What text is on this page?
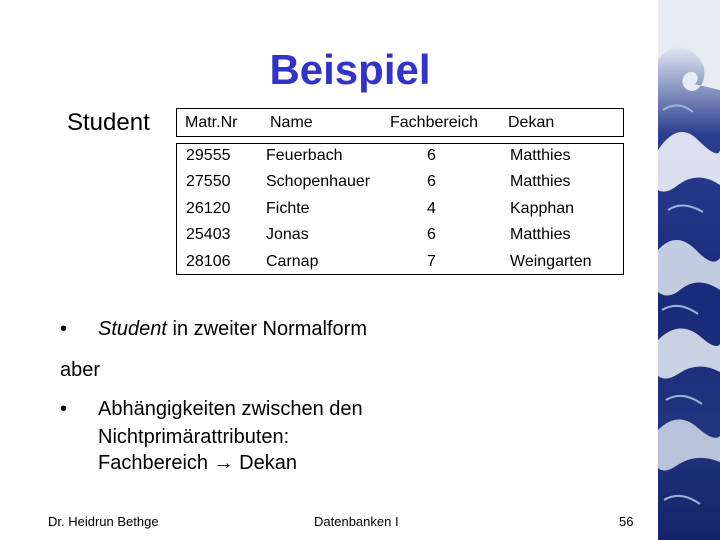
Beispiel
Student Matr.Nr Name	Fachbereich Dekan
29555 Feuerbach	6	Matthies
27550 Schopenhauer	6	Matthies
26120 Fichte	4	Kapphan
25403 Jonas	6	Matthies
28106 Carnap	7	Weingarten
• Student in zweiter Normalform
aber
• Abhängigkeiten zwischen den
Nichtprimärattributen:
Fachbereich → Dekan
Dr. Heidrun Bethge	Datenbanken I	56
